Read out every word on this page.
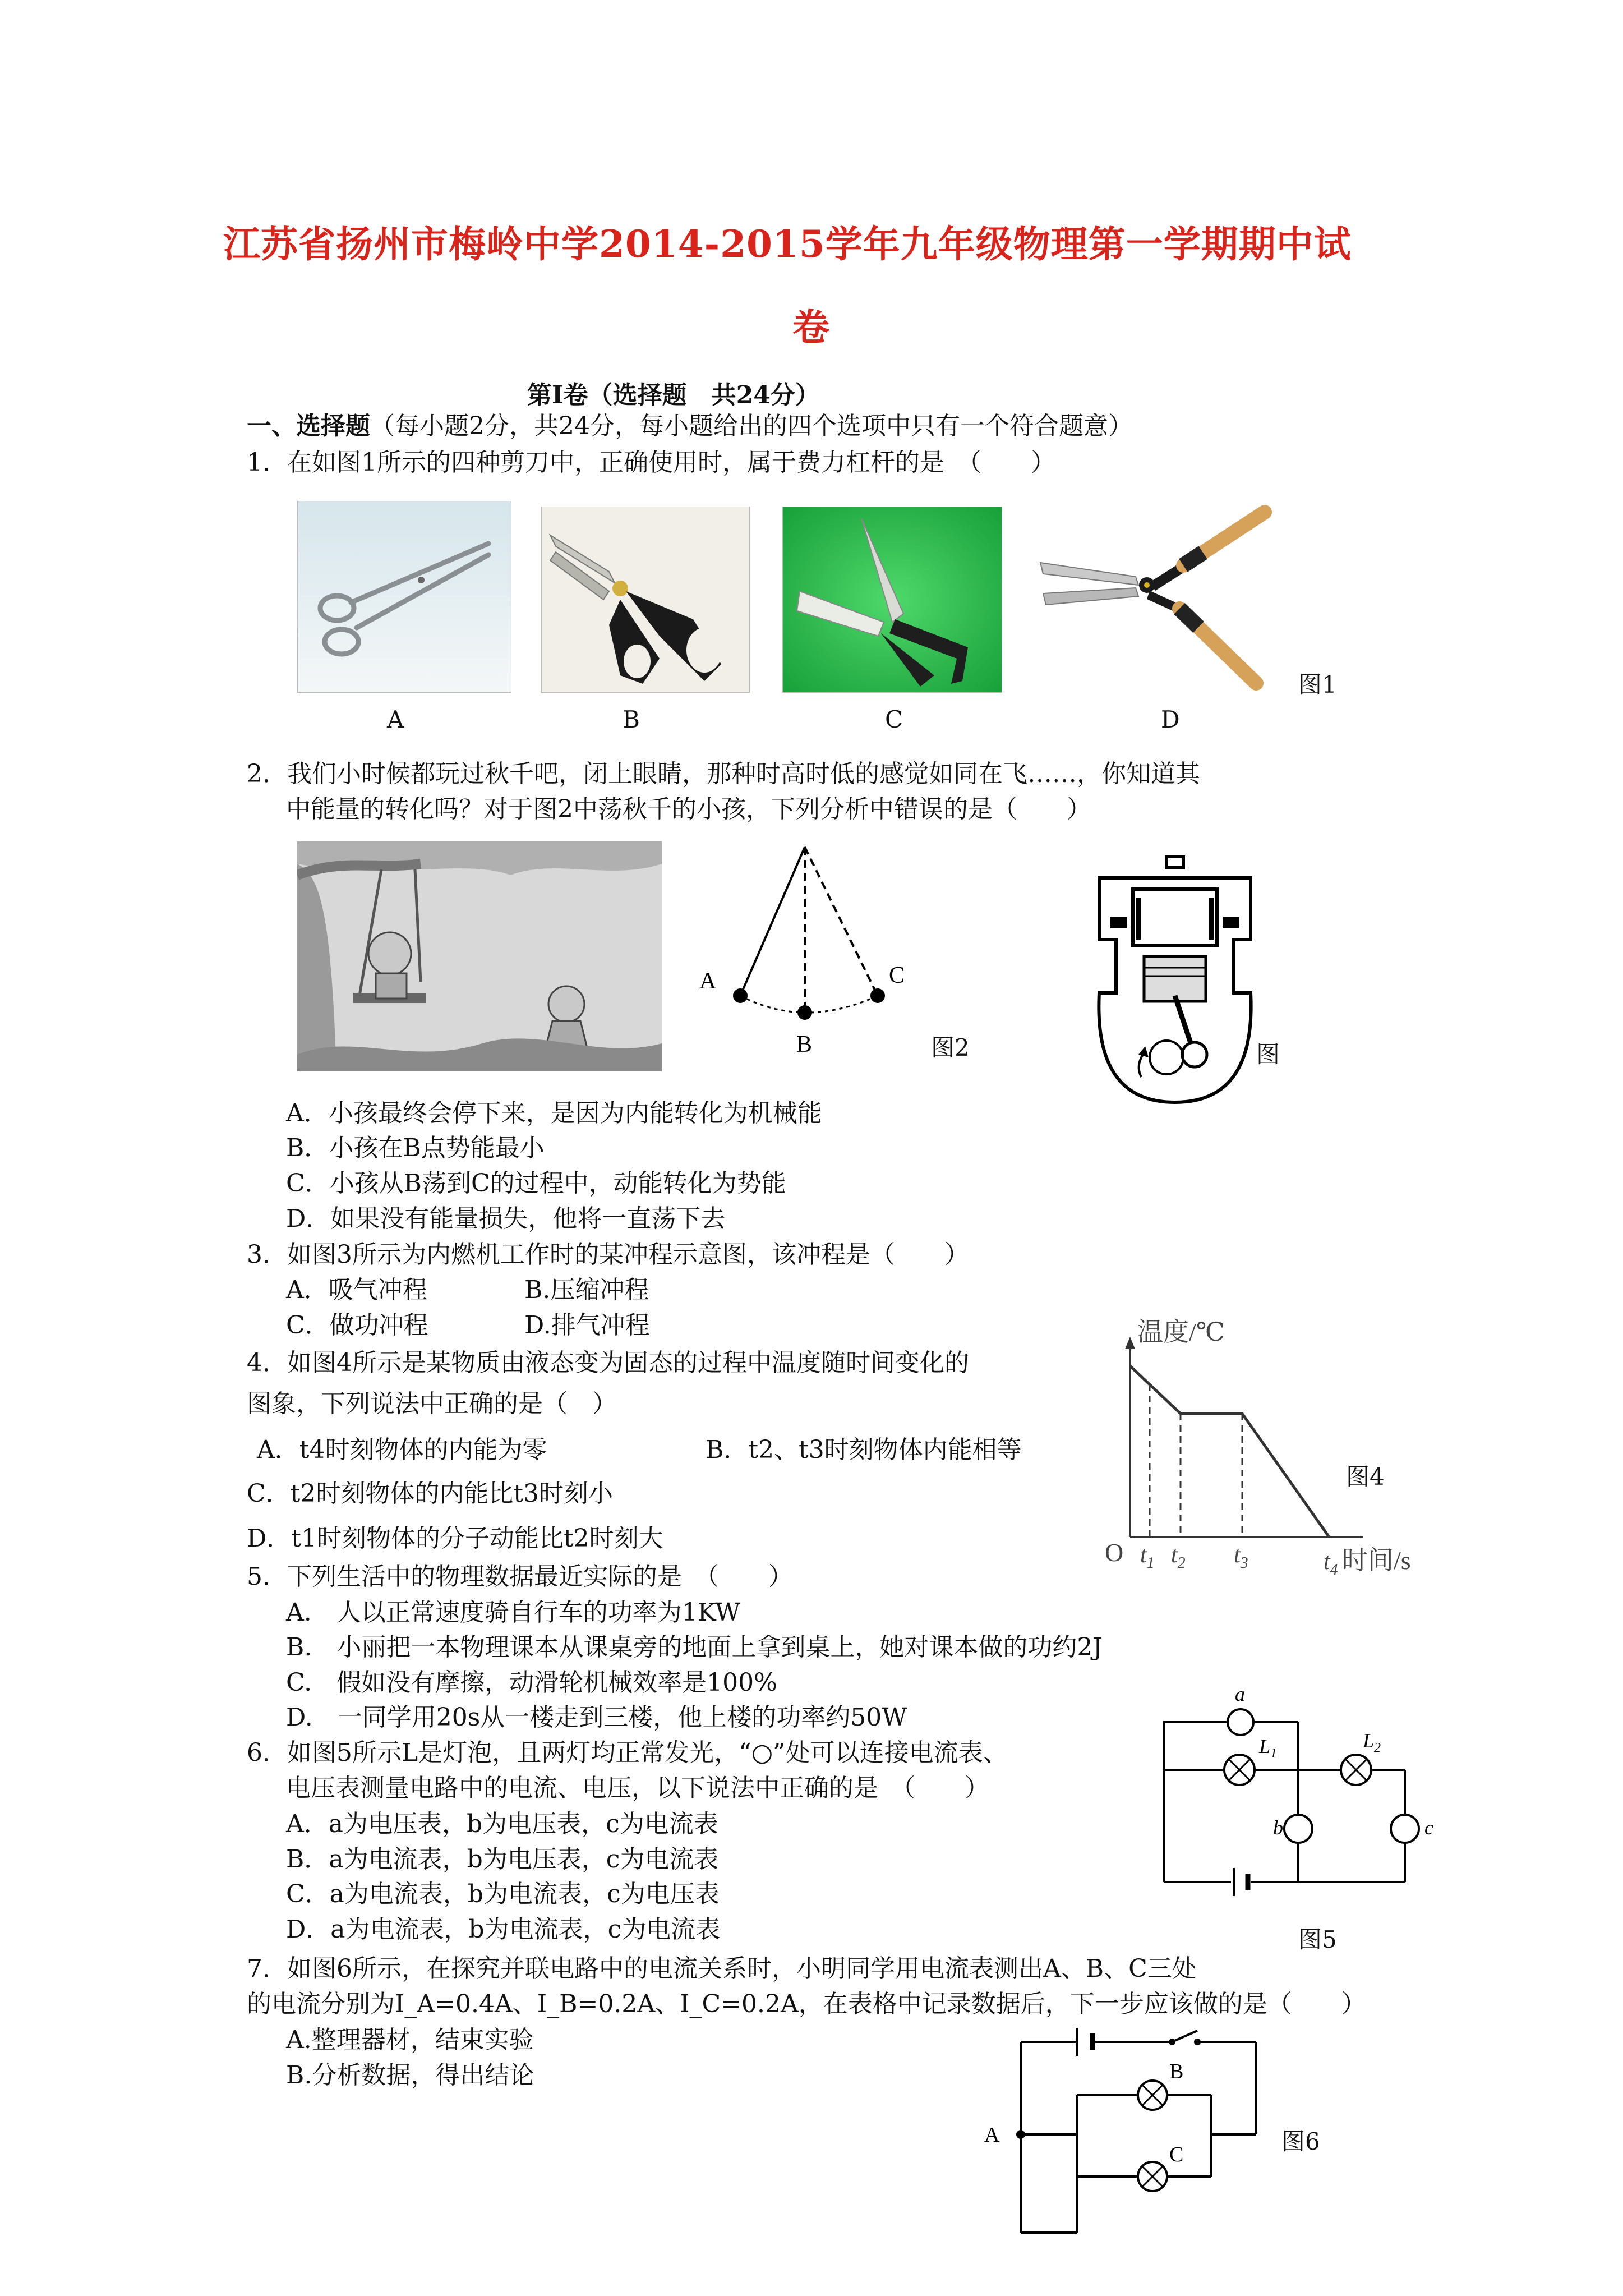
江苏省扬州市梅岭中学2014-2015学年九年级物理第一学期期中试
卷
第Ⅰ卷（选择题　共24分）
一、选择题（每小题2分，共24分，每小题给出的四个选项中只有一个符合题意）
1．在如图1所示的四种剪刀中，正确使用时，属于费力杠杆的是　（　　）
图1
A	B	C	D
2．我们小时候都玩过秋千吧，闭上眼睛，那种时高时低的感觉如同在飞……，你知道其
中能量的转化吗？对于图2中荡秋千的小孩，下列分析中错误的是（　　）
A
B
C
图2	图
A．小孩最终会停下来，是因为内能转化为机械能
B．小孩在B点势能最小
C．小孩从B荡到C的过程中，动能转化为势能
D．如果没有能量损失，他将一直荡下去
3．如图3所示为内燃机工作时的某冲程示意图，该冲程是（　　）
A．吸气冲程	B.压缩冲程
C．做功冲程	D.排气冲程
4．如图4所示是某物质由液态变为固态的过程中温度随时间变化的
图象，下列说法中正确的是（　）
A．t4时刻物体的内能为零	B．t2、t3时刻物体内能相等
C．t2时刻物体的内能比t3时刻小
D．t1时刻物体的分子动能比t2时刻大
温度/℃
O $t_1$ $t_2$ $t_3$	$t_4$ 时间/s
图4
5．下列生活中的物理数据最近实际的是　（　　）
A.　人以正常速度骑自行车的功率为1KW
B.　小丽把一本物理课本从课桌旁的地面上拿到桌上，她对课本做的功约2J
C.　假如没有摩擦，动滑轮机械效率是100%
D.　一同学用20s从一楼走到三楼，他上楼的功率约50W
6．如图5所示L是灯泡，且两灯均正常发光，“○”处可以连接电流表、
电压表测量电路中的电流、电压，以下说法中正确的是　（　　）
A．a为电压表，b为电压表，c为电流表
B．a为电流表，b为电压表，c为电流表
C．a为电流表，b为电流表，c为电压表
D．a为电流表，b为电流表，c为电流表
a
$L_1$
$L_2$
b	c
图5
7．如图6所示，在探究并联电路中的电流关系时，小明同学用电流表测出A、B、C三处
的电流分别为I_A=0.4A、I_B=0.2A、I_C=0.2A，在表格中记录数据后，下一步应该做的是（　　）
A.整理器材，结束实验
B.分析数据，得出结论
A
B
C	图6
